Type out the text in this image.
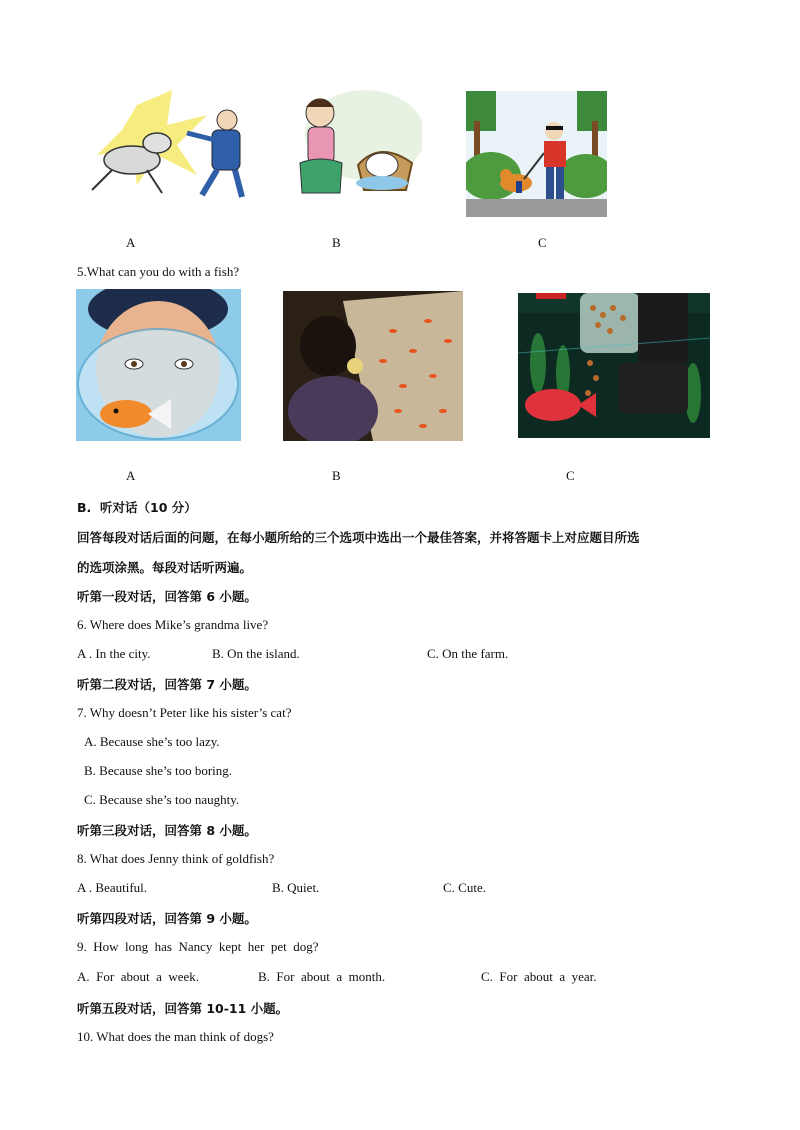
A	B	C
5.What can you do with a fish?
A	B	C
B. 听对话（10 分）
回答每段对话后面的问题，在每小题所给的三个选项中选出一个最佳答案，并将答题卡上对应题目所选
的选项涂黑。每段对话听两遍。
听第一段对话，回答第 6 小题。
6. Where does Mike’s grandma live?
A . In the city.	B. On the island.	C. On the farm.
听第二段对话，回答第 7 小题。
7. Why doesn’t Peter like his sister’s cat?
A. Because she’s too lazy.
B. Because she’s too boring.
C. Because she’s too naughty.
听第三段对话，回答第 8 小题。
8. What does Jenny think of goldfish?
A . Beautiful.	B. Quiet.	C. Cute.
听第四段对话，回答第 9 小题。
9.  How  long  has  Nancy  kept  her  pet  dog?
A.  For  about  a  week.	B.  For  about  a  month.	C.  For  about  a  year.
听第五段对话，回答第 10-11 小题。
10. What does the man think of dogs?
